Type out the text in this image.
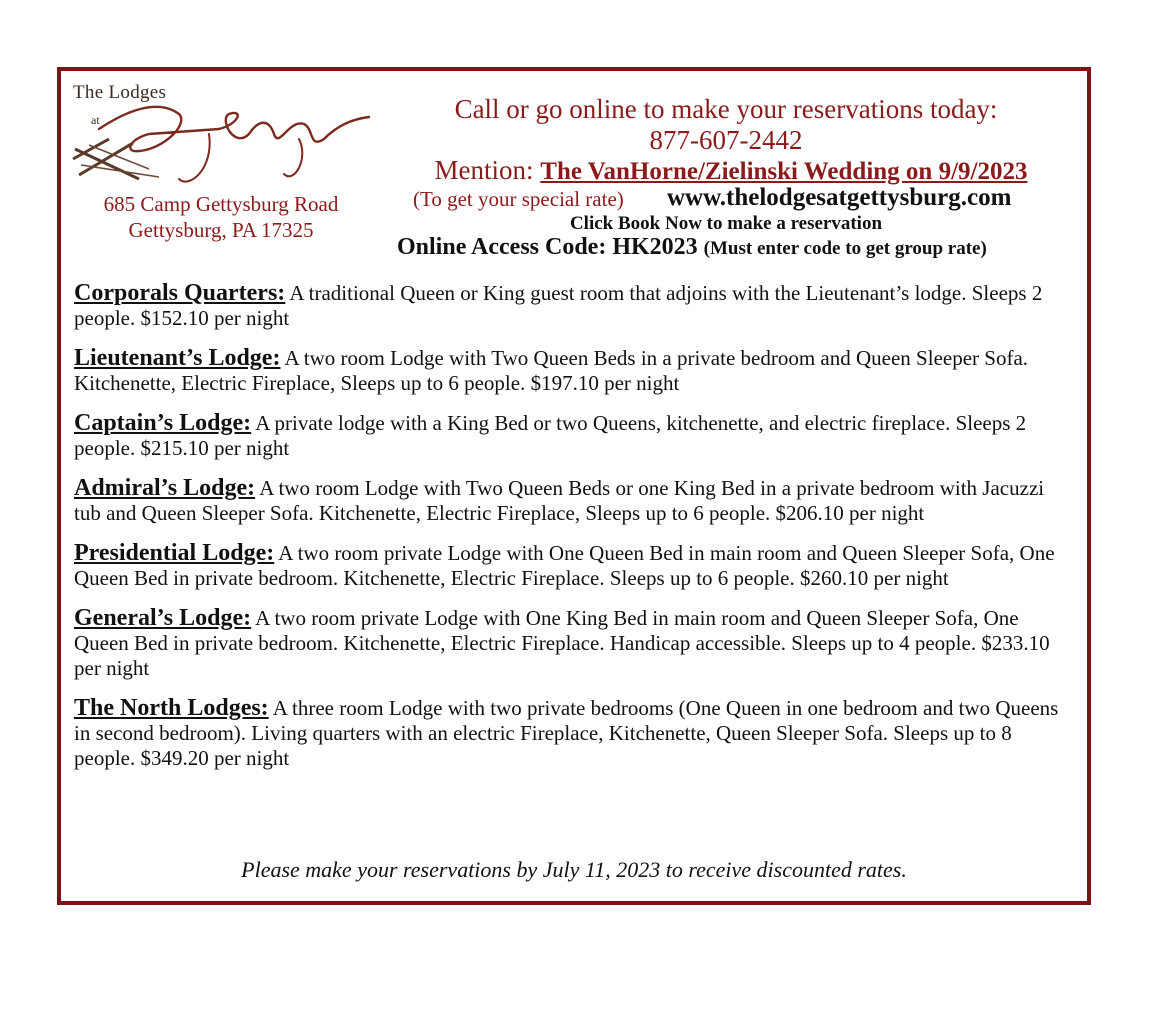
The Lodges
at
685 Camp Gettysburg Road
Gettysburg, PA 17325
Call or go online to make your reservations today:
877-607-2442
Mention: The VanHorne/Zielinski Wedding on 9/9/2023
(To get your special rate) www.thelodgesatgettysburg.com
Click Book Now to make a reservation
Online Access Code: HK2023 (Must enter code to get group rate)
Corporals Quarters: A traditional Queen or King guest room that adjoins with the Lieutenant’s lodge. Sleeps 2 people. $152.10 per night
Lieutenant’s Lodge: A two room Lodge with Two Queen Beds in a private bedroom and Queen Sleeper Sofa. Kitchenette, Electric Fireplace, Sleeps up to 6 people. $197.10 per night
Captain’s Lodge: A private lodge with a King Bed or two Queens, kitchenette, and electric fireplace. Sleeps 2 people. $215.10 per night
Admiral’s Lodge: A two room Lodge with Two Queen Beds or one King Bed in a private bedroom with Jacuzzi tub and Queen Sleeper Sofa. Kitchenette, Electric Fireplace, Sleeps up to 6 people. $206.10 per night
Presidential Lodge: A two room private Lodge with One Queen Bed in main room and Queen Sleeper Sofa, One Queen Bed in private bedroom. Kitchenette, Electric Fireplace. Sleeps up to 6 people. $260.10 per night
General’s Lodge: A two room private Lodge with One King Bed in main room and Queen Sleeper Sofa, One Queen Bed in private bedroom. Kitchenette, Electric Fireplace. Handicap accessible. Sleeps up to 4 people. $233.10 per night
The North Lodges: A three room Lodge with two private bedrooms (One Queen in one bedroom and two Queens in second bedroom). Living quarters with an electric Fireplace, Kitchenette, Queen Sleeper Sofa. Sleeps up to 8 people. $349.20 per night
Please make your reservations by July 11, 2023 to receive discounted rates.
